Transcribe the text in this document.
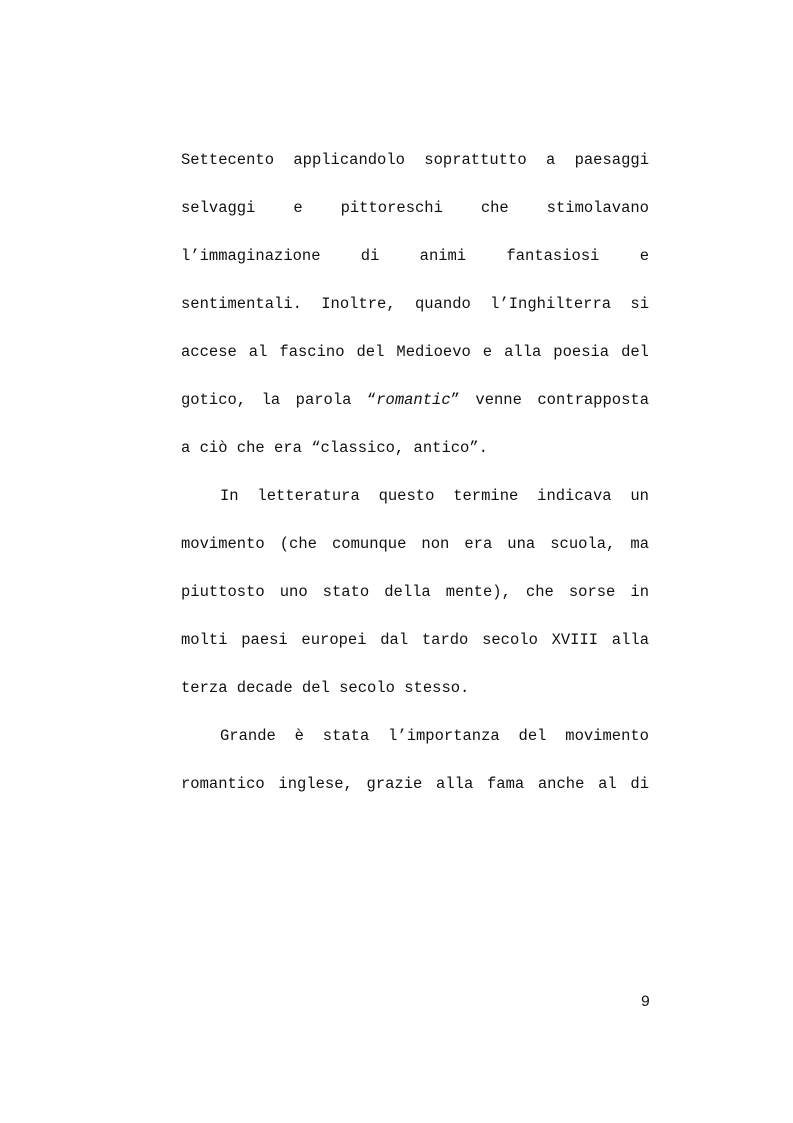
Settecento applicandolo soprattutto a paesaggi
selvaggi e pittoreschi che stimolavano
l’immaginazione di animi fantasiosi e
sentimentali. Inoltre, quando l’Inghilterra si
accese al fascino del Medioevo e alla poesia del
gotico, la parola “romantic” venne contrapposta
a ciò che era “classico, antico”.
In letteratura questo termine indicava un
movimento (che comunque non era una scuola, ma
piuttosto uno stato della mente), che sorse in
molti paesi europei dal tardo secolo XVIII alla
terza decade del secolo stesso.
Grande è stata l’importanza del movimento
romantico inglese, grazie alla fama anche al di
9
